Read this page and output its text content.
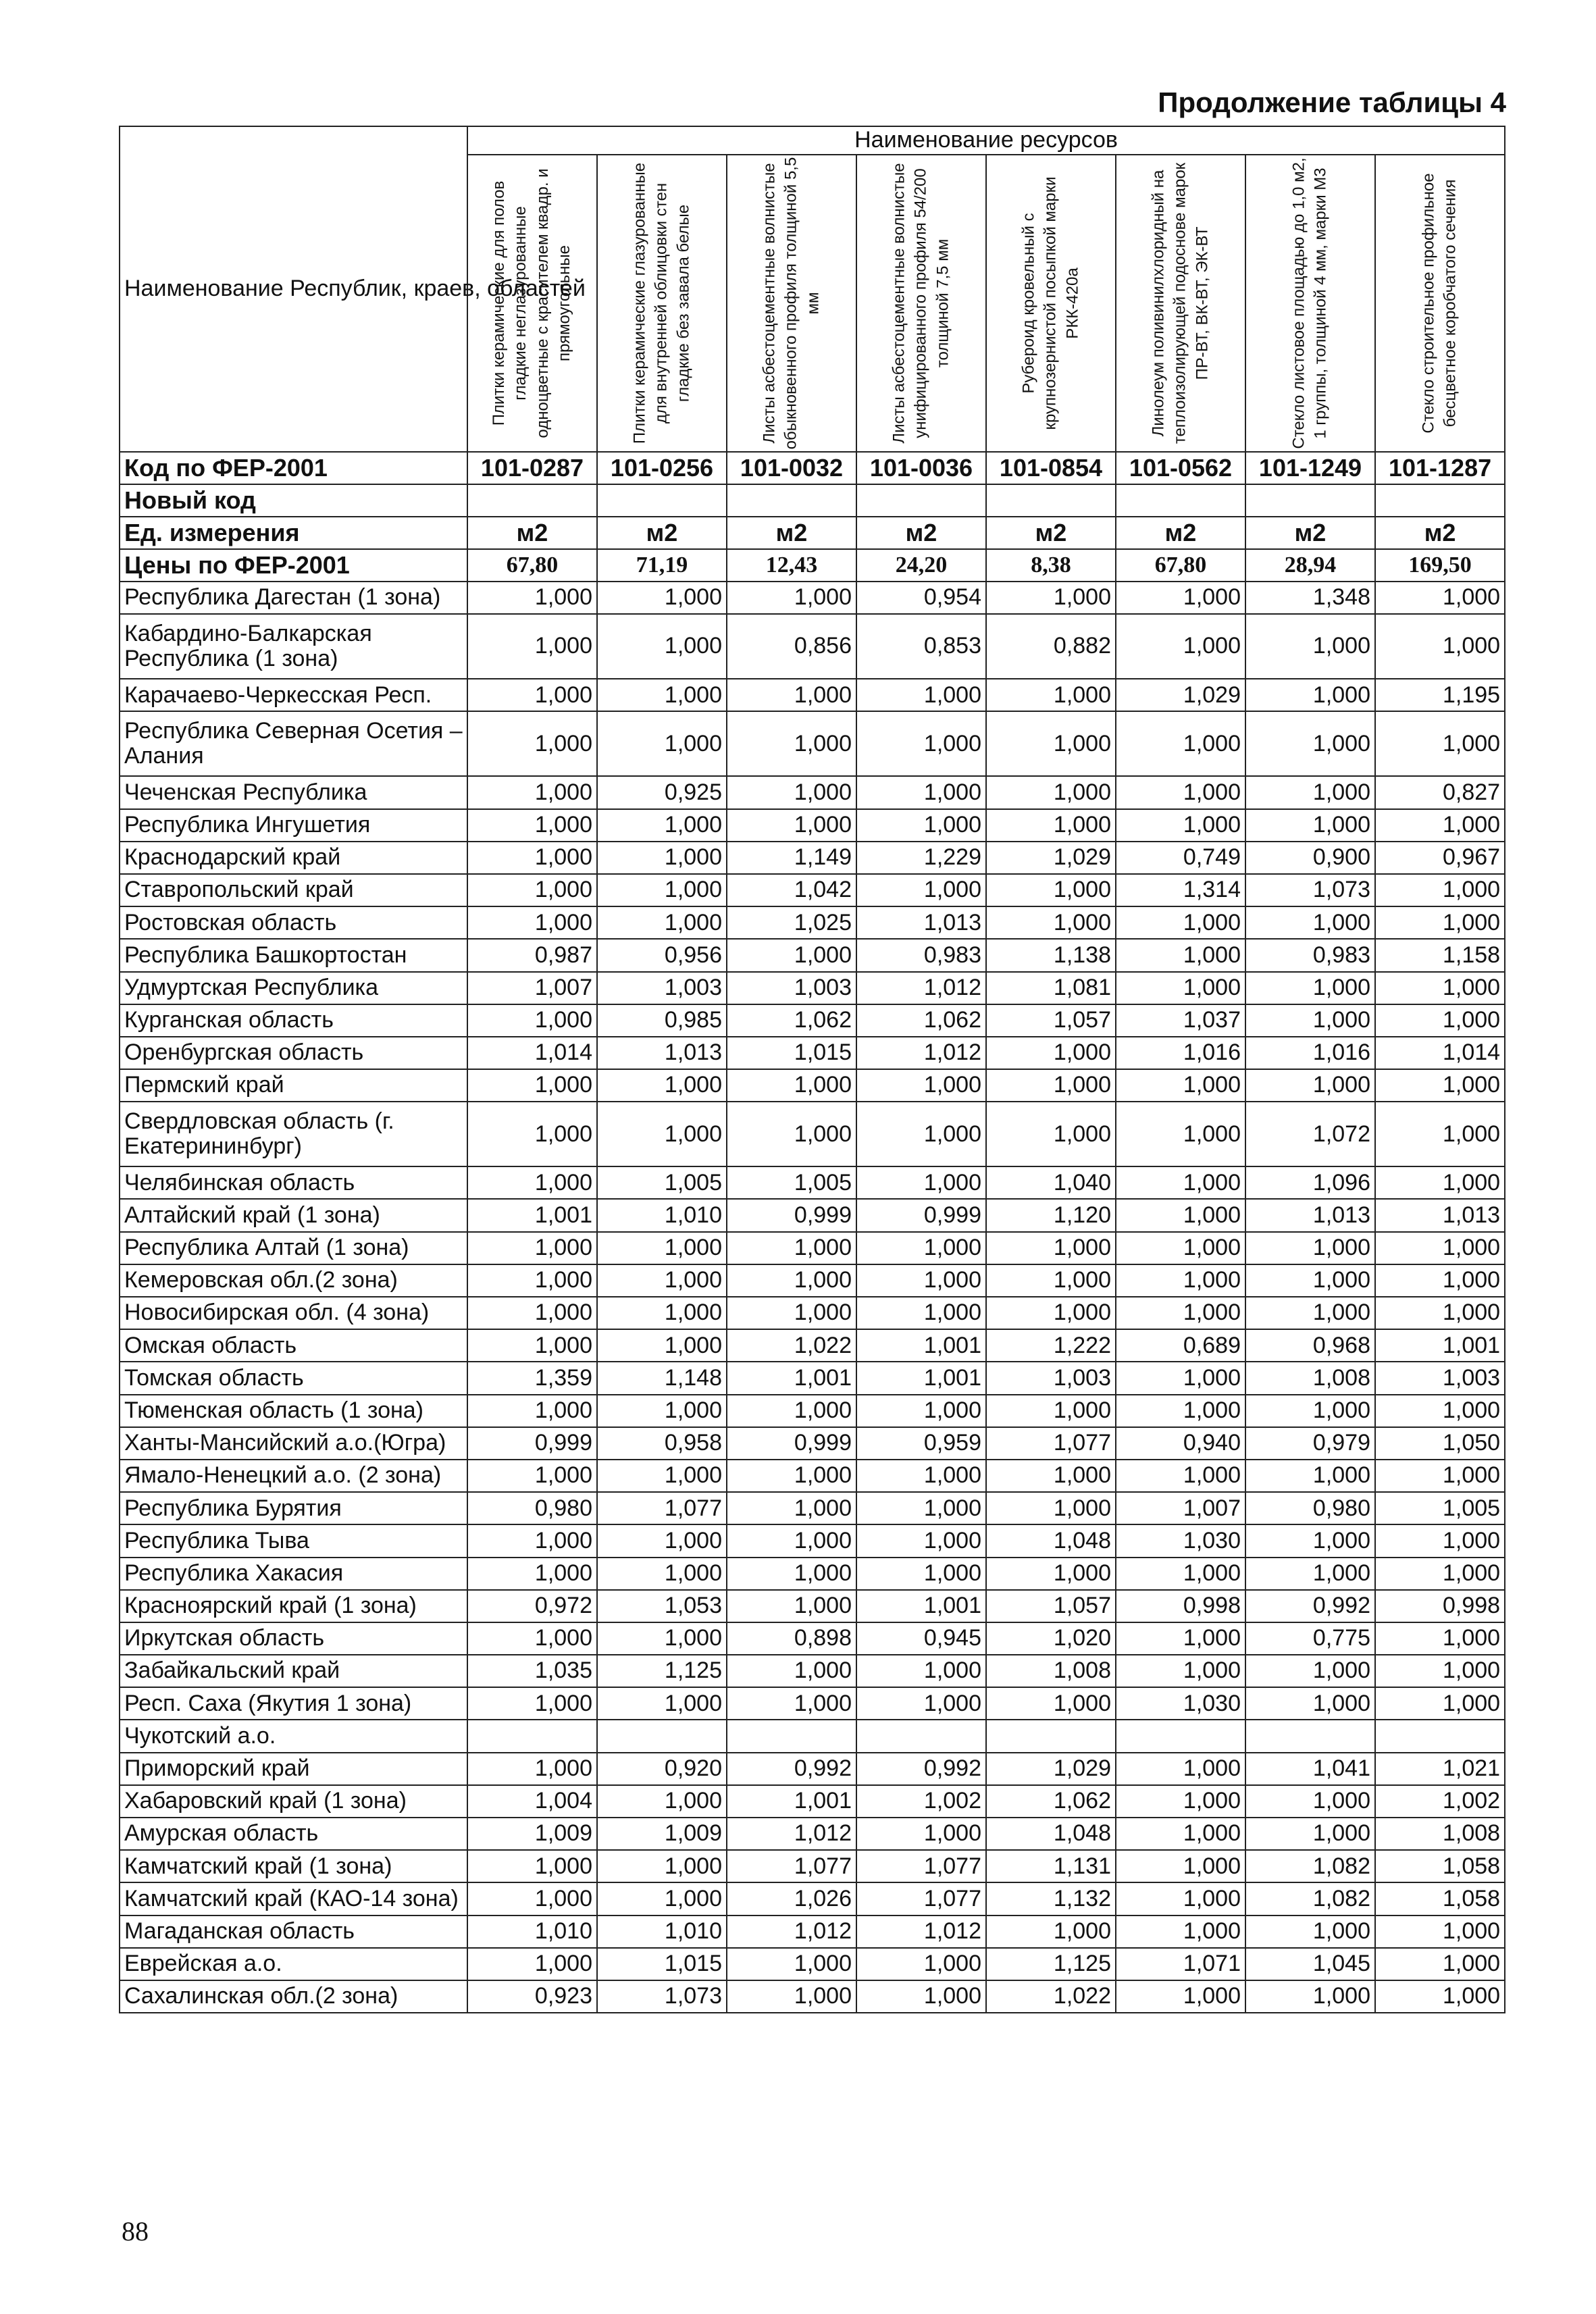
Продолжение таблицы 4
Наименование Республик, краев, областей	Наименование ресурсов							

	Плитки керамические для полов гладкие неглазурованные одноцветные с красителем квадр. и прямоугольные	Плитки керамические глазурованные для внутренней облицовки стен гладкие без завала белые	Листы асбестоцементные волнистые обыкновенного профиля толщиной 5,5 мм	Листы асбестоцементные волнистые унифицированного профиля 54/200 толщиной 7,5 мм	Рубероид кровельный с крупнозернистой посыпкой марки РКК-420а	Линолеум поливинилхлоридный на теплоизолирующей подоснове марок ПР-ВТ, ВК-ВТ, ЭК-ВТ	Стекло листовое площадью до 1,0 м2, 1 группы, толщиной 4 мм, марки М3	Стекло строительное профильное бесцветное коробчатого сечения

Код по ФЕР-2001	101-0287	101-0256	101-0032	101-0036	101-0854	101-0562	101-1249	101-1287
Новый код								
Ед. измерения	м2	м2	м2	м2	м2	м2	м2	м2
Цены по ФЕР-2001	67,80	71,19	12,43	24,20	8,38	67,80	28,94	169,50
Республика Дагестан (1 зона)	1,000	1,000	1,000	0,954	1,000	1,000	1,348	1,000
Кабардино-Балкарская Республика (1 зона)	1,000	1,000	0,856	0,853	0,882	1,000	1,000	1,000
Карачаево-Черкесская Респ.	1,000	1,000	1,000	1,000	1,000	1,029	1,000	1,195
Республика Северная Осетия – Алания	1,000	1,000	1,000	1,000	1,000	1,000	1,000	1,000
Чеченская Республика	1,000	0,925	1,000	1,000	1,000	1,000	1,000	0,827
Республика Ингушетия	1,000	1,000	1,000	1,000	1,000	1,000	1,000	1,000
Краснодарский край	1,000	1,000	1,149	1,229	1,029	0,749	0,900	0,967
Ставропольский край	1,000	1,000	1,042	1,000	1,000	1,314	1,073	1,000
Ростовская область	1,000	1,000	1,025	1,013	1,000	1,000	1,000	1,000
Республика Башкортостан	0,987	0,956	1,000	0,983	1,138	1,000	0,983	1,158
Удмуртская Республика	1,007	1,003	1,003	1,012	1,081	1,000	1,000	1,000
Курганская область	1,000	0,985	1,062	1,062	1,057	1,037	1,000	1,000
Оренбургская область	1,014	1,013	1,015	1,012	1,000	1,016	1,016	1,014
Пермский край	1,000	1,000	1,000	1,000	1,000	1,000	1,000	1,000
Свердловская область (г. Екатерининбург)	1,000	1,000	1,000	1,000	1,000	1,000	1,072	1,000
Челябинская область	1,000	1,005	1,005	1,000	1,040	1,000	1,096	1,000
Алтайский край (1 зона)	1,001	1,010	0,999	0,999	1,120	1,000	1,013	1,013
Республика Алтай (1 зона)	1,000	1,000	1,000	1,000	1,000	1,000	1,000	1,000
Кемеровская обл.(2 зона)	1,000	1,000	1,000	1,000	1,000	1,000	1,000	1,000
Новосибирская обл. (4 зона)	1,000	1,000	1,000	1,000	1,000	1,000	1,000	1,000
Омская область	1,000	1,000	1,022	1,001	1,222	0,689	0,968	1,001
Томская область	1,359	1,148	1,001	1,001	1,003	1,000	1,008	1,003
Тюменская область (1 зона)	1,000	1,000	1,000	1,000	1,000	1,000	1,000	1,000
Ханты-Мансийский а.о.(Югра)	0,999	0,958	0,999	0,959	1,077	0,940	0,979	1,050
Ямало-Ненецкий а.о. (2 зона)	1,000	1,000	1,000	1,000	1,000	1,000	1,000	1,000
Республика Бурятия	0,980	1,077	1,000	1,000	1,000	1,007	0,980	1,005
Республика Тыва	1,000	1,000	1,000	1,000	1,048	1,030	1,000	1,000
Республика Хакасия	1,000	1,000	1,000	1,000	1,000	1,000	1,000	1,000
Красноярский край (1 зона)	0,972	1,053	1,000	1,001	1,057	0,998	0,992	0,998
Иркутская область	1,000	1,000	0,898	0,945	1,020	1,000	0,775	1,000
Забайкальский край	1,035	1,125	1,000	1,000	1,008	1,000	1,000	1,000
Респ. Саха (Якутия 1 зона)	1,000	1,000	1,000	1,000	1,000	1,030	1,000	1,000
Чукотский а.о.								
Приморский край	1,000	0,920	0,992	0,992	1,029	1,000	1,041	1,021
Хабаровский край (1 зона)	1,004	1,000	1,001	1,002	1,062	1,000	1,000	1,002
Амурская область	1,009	1,009	1,012	1,000	1,048	1,000	1,000	1,008
Камчатский край (1 зона)	1,000	1,000	1,077	1,077	1,131	1,000	1,082	1,058
Камчатский край (КАО-14 зона)	1,000	1,000	1,026	1,077	1,132	1,000	1,082	1,058
Магаданская область	1,010	1,010	1,012	1,012	1,000	1,000	1,000	1,000
Еврейская а.о.	1,000	1,015	1,000	1,000	1,125	1,071	1,045	1,000
Сахалинская обл.(2 зона)	0,923	1,073	1,000	1,000	1,022	1,000	1,000	1,000
88
